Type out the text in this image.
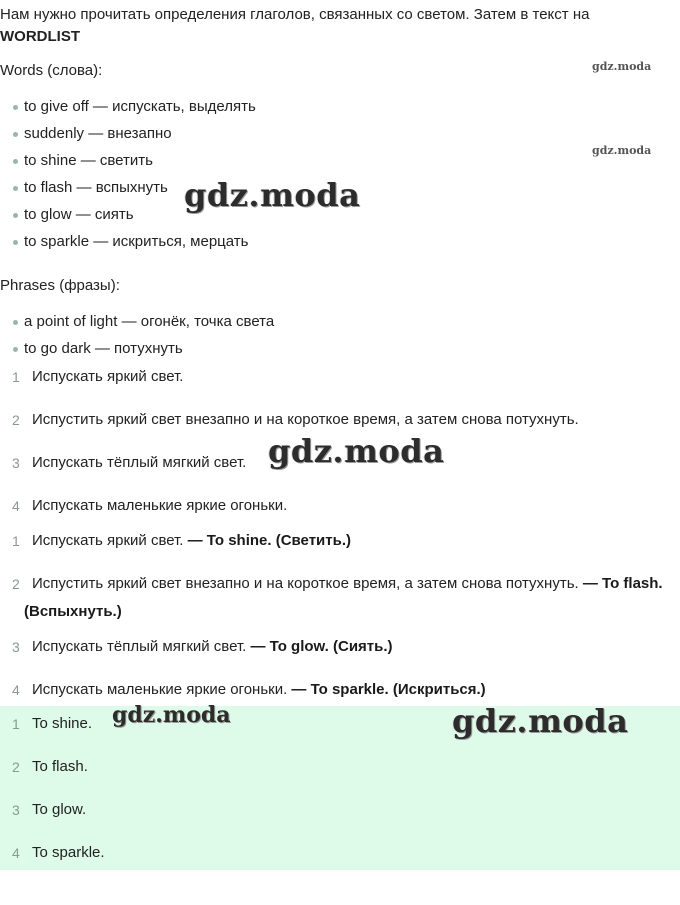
Нам нужно прочитать определения глаголов, связанных со светом. Затем в текст на
WORDLIST
Words (слова):
to give off — испускать, выделять
suddenly — внезапно
to shine — светить
to flash — вспыхнуть
to glow — сиять
to sparkle — искриться, мерцать
Phrases (фразы):
a point of light — огонёк, точка света
to go dark — потухнуть
1 Испускать яркий свет.
2 Испустить яркий свет внезапно и на короткое время, а затем снова потухнуть.
3 Испускать тёплый мягкий свет.
4 Испускать маленькие яркие огоньки.
1 Испускать яркий свет. — To shine. (Светить.)
2 Испустить яркий свет внезапно и на короткое время, а затем снова потухнуть. — To flash. (Вспыхнуть.)
3 Испускать тёплый мягкий свет. — To glow. (Сиять.)
4 Испускать маленькие яркие огоньки. — To sparkle. (Искриться.)
1 To shine.
2 To flash.
3 To glow.
4 To sparkle.
gdz.moda
gdz.moda
gdz.moda
gdz.moda
gdz.moda	gdz.moda
